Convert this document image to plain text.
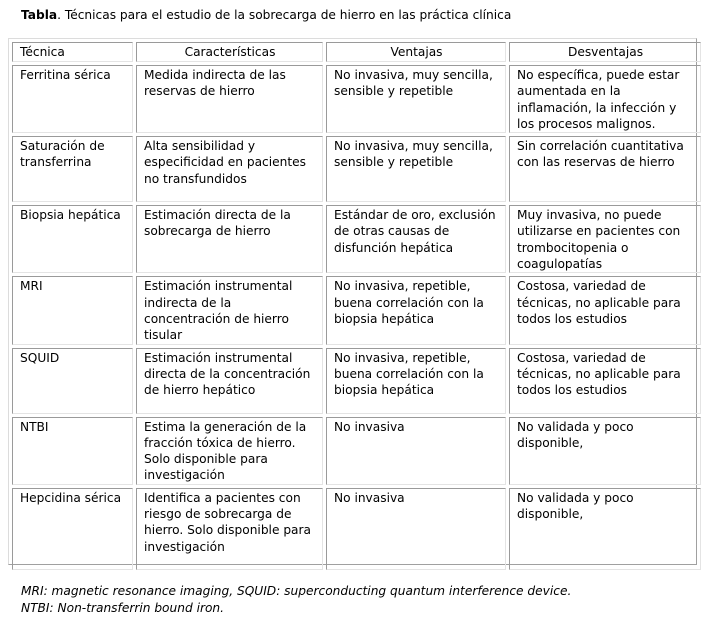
Tabla. Técnicas para el estudio de la sobrecarga de hierro en las práctica clínica
Técnica	Características	Ventajas	Desventajas
Ferritina sérica	Medida indirecta de las reservas de hierro	No invasiva, muy sencilla, sensible y repetible	No específica, puede estar aumentada en la inflamación, la infección y los procesos malignos.
Saturación de transferrina	Alta sensibilidad y especificidad en pacientes no transfundidos	No invasiva, muy sencilla, sensible y repetible	Sin correlación cuantitativa con las reservas de hierro
Biopsia hepática	Estimación directa de la sobrecarga de hierro	Estándar de oro, exclusión de otras causas de disfunción hepática	Muy invasiva, no puede utilizarse en pacientes con trombocitopenia o coagulopatías
MRI	Estimación instrumental indirecta de la concentración de hierro tisular	No invasiva, repetible, buena correlación con la biopsia hepática	Costosa, variedad de técnicas, no aplicable para todos los estudios
SQUID	Estimación instrumental directa de la concentración de hierro hepático	No invasiva, repetible, buena correlación con la biopsia hepática	Costosa, variedad de técnicas, no aplicable para todos los estudios
NTBI	Estima la generación de la fracción tóxica de hierro. Solo disponible para investigación	No invasiva	No validada y poco disponible,
Hepcidina sérica	Identifica a pacientes con riesgo de sobrecarga de hierro. Solo disponible para investigación	No invasiva	No validada y poco disponible,
MRI: magnetic resonance imaging, SQUID: superconducting quantum interference device.
NTBI: Non-transferrin bound iron.
